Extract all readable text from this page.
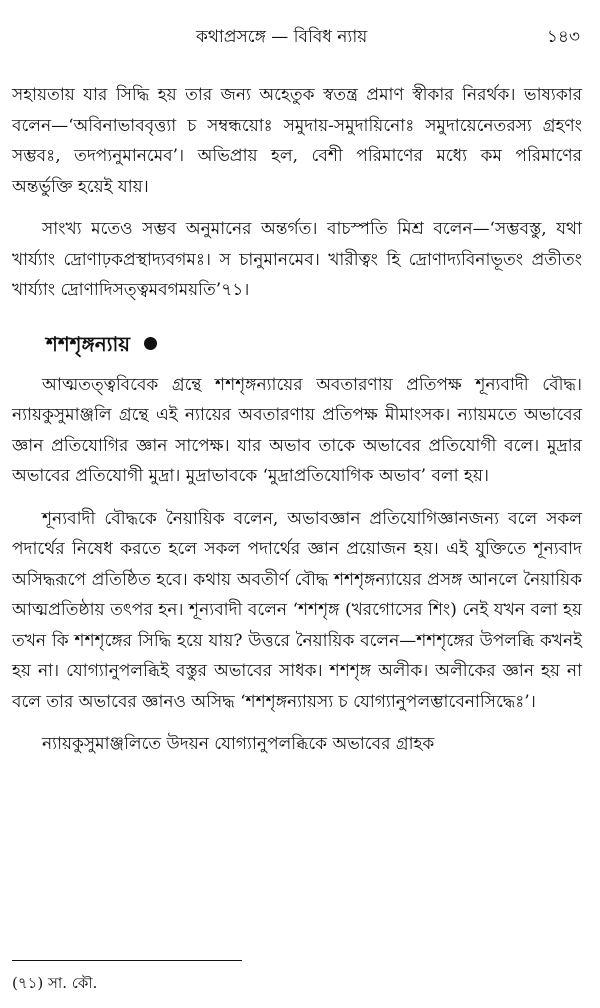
কথাপ্রসঙ্গে — বিবিধ ন্যায়	১৪৩

সহায়তায় যার সিদ্ধি হয় তার জন্য অহেতুক স্বতন্ত্র প্রমাণ স্বীকার নিরর্থক। ভাষ্যকার বলেন—‘অবিনাভাববৃত্ত্যা চ সম্বন্ধয়োঃ সমুদায়-সমুদায়িনোঃ সমুদায়েনেতরস্য গ্রহণং সম্ভবঃ, তদপ্যনুমানমেব’। অভিপ্রায় হল, বেশী পরিমাণের মধ্যে কম পরিমাণের অন্তর্ভুক্তি হয়েই যায়।

সাংখ্য মতেও সম্ভব অনুমানের অন্তর্গত। বাচস্পতি মিশ্র বলেন—‘সম্ভবস্তু, যথা খার্য্যাং দ্রোণাঢ়কপ্রস্থাদ্যবগমঃ। স চানুমানমেব। খারীত্বং হি দ্রোণাদ্যবিনাভূতং প্রতীতং খার্য্যাং দ্রোণাদিসত্ত্বমবগময়তি’৭১।

শশশৃঙ্গন্যায়

আত্মতত্ত্ববিবেক গ্রন্থে শশশৃঙ্গন্যায়ের অবতারণায় প্রতিপক্ষ শূন্যবাদী বৌদ্ধ। ন্যায়কুসুমাঞ্জলি গ্রন্থে এই ন্যায়ের অবতারণায় প্রতিপক্ষ মীমাংসক। ন্যায়মতে অভাবের জ্ঞান প্রতিযোগির জ্ঞান সাপেক্ষ। যার অভাব তাকে অভাবের প্রতিযোগী বলে। মুদ্রার অভাবের প্রতিযোগী মুদ্রা। মুদ্রাভাবকে ‘মুদ্রাপ্রতিযোগিক অভাব’ বলা হয়।

শূন্যবাদী বৌদ্ধকে নৈয়ায়িক বলেন, অভাবজ্ঞান প্রতিযোগিজ্ঞানজন্য বলে সকল পদার্থের নিষেধ করতে হলে সকল পদার্থের জ্ঞান প্রয়োজন হয়। এই যুক্তিতে শূন্যবাদ অসিদ্ধরূপে প্রতিষ্ঠিত হবে। কথায় অবতীর্ণ বৌদ্ধ শশশৃঙ্গন্যায়ের প্রসঙ্গ আনলে নৈয়ায়িক আত্মপ্রতিষ্ঠায় তৎপর হন। শূন্যবাদী বলেন ‘শশশৃঙ্গ (খরগোসের শিং) নেই যখন বলা হয় তখন কি শশশৃঙ্গের সিদ্ধি হয়ে যায়? উত্তরে নৈয়ায়িক বলেন—শশশৃঙ্গের উপলব্ধি কখনই হয় না। যোগ্যানুপলব্ধিই বস্তুর অভাবের সাধক। শশশৃঙ্গ অলীক। অলীকের জ্ঞান হয় না বলে তার অভাবের জ্ঞানও অসিদ্ধ ‘শশশৃঙ্গন্যায়স্য চ যোগ্যানুপলম্ভাবেনাসিদ্ধেঃ’।

ন্যায়কুসুমাঞ্জলিতে উদয়ন যোগ্যানুপলব্ধিকে অভাবের গ্রাহক

(৭১) সা. কৌ.
